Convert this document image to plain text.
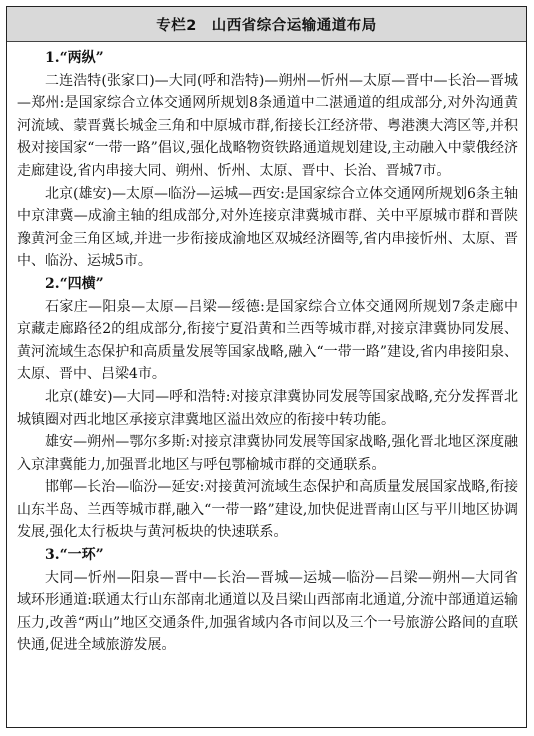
专栏2　山西省综合运输通道布局

1.“两纵”

二连浩特(张家口)—大同(呼和浩特)—朔州—忻州—太原—晋中—长治—晋城—郑州:是国家综合立体交通网所规划8条通道中二湛通道的组成部分,对外沟通黄河流域、蒙晋冀长城金三角和中原城市群,衔接长江经济带、粤港澳大湾区等,并积极对接国家“一带一路”倡议,强化战略物资铁路通道规划建设,主动融入中蒙俄经济走廊建设,省内串接大同、朔州、忻州、太原、晋中、长治、晋城7市。

北京(雄安)—太原—临汾—运城—西安:是国家综合立体交通网所规划6条主轴中京津冀—成渝主轴的组成部分,对外连接京津冀城市群、关中平原城市群和晋陕豫黄河金三角区域,并进一步衔接成渝地区双城经济圈等,省内串接忻州、太原、晋中、临汾、运城5市。

2.“四横”

石家庄—阳泉—太原—吕梁—绥德:是国家综合立体交通网所规划7条走廊中京藏走廊路径2的组成部分,衔接宁夏沿黄和兰西等城市群,对接京津冀协同发展、黄河流域生态保护和高质量发展等国家战略,融入“一带一路”建设,省内串接阳泉、太原、晋中、吕梁4市。

北京(雄安)—大同—呼和浩特:对接京津冀协同发展等国家战略,充分发挥晋北城镇圈对西北地区承接京津冀地区溢出效应的衔接中转功能。

雄安—朔州—鄂尔多斯:对接京津冀协同发展等国家战略,强化晋北地区深度融入京津冀能力,加强晋北地区与呼包鄂榆城市群的交通联系。

邯郸—长治—临汾—延安:对接黄河流域生态保护和高质量发展国家战略,衔接山东半岛、兰西等城市群,融入“一带一路”建设,加快促进晋南山区与平川地区协调发展,强化太行板块与黄河板块的快速联系。

3.“一环”

大同—忻州—阳泉—晋中—长治—晋城—运城—临汾—吕梁—朔州—大同省域环形通道:联通太行山东部南北通道以及吕梁山西部南北通道,分流中部通道运输压力,改善“两山”地区交通条件,加强省域内各市间以及三个一号旅游公路间的直联快通,促进全域旅游发展。
